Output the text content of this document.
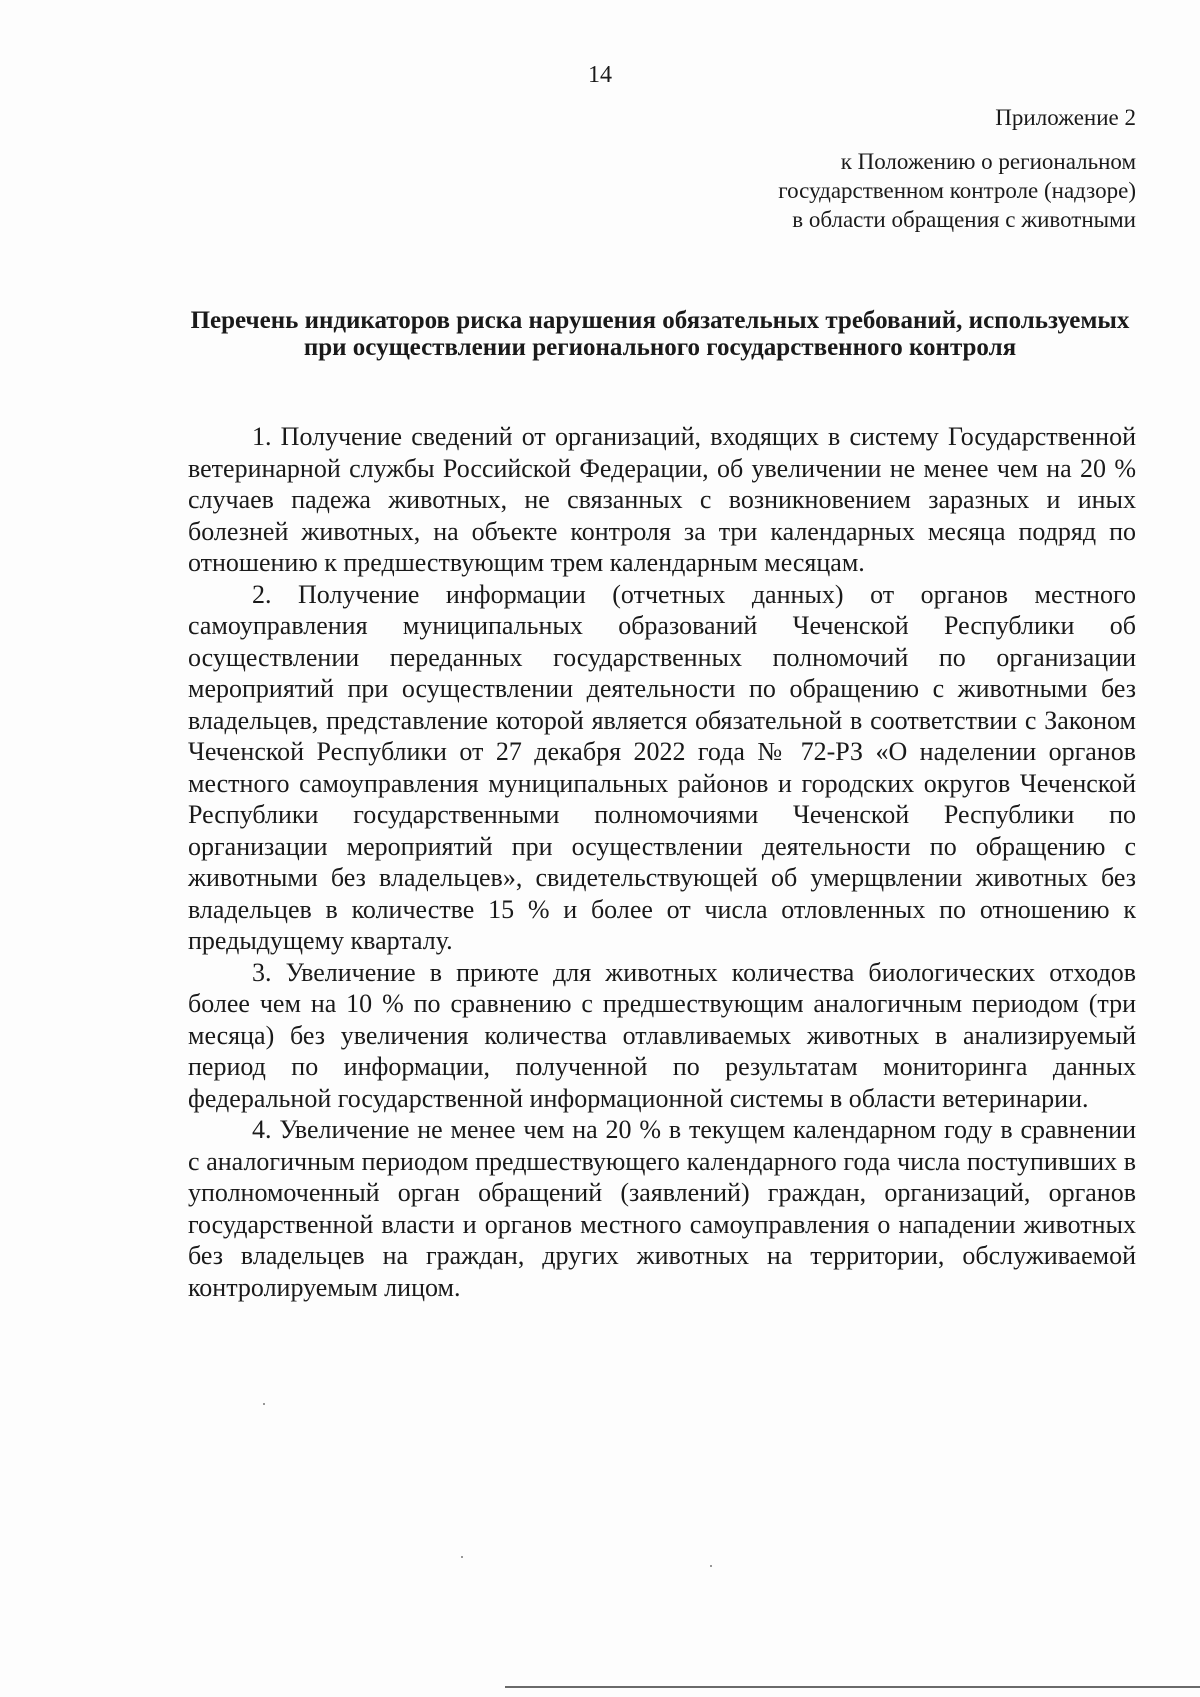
14
Приложение 2
к Положению о региональном
государственном контроле (надзоре)
в области обращения с животными
Перечень индикаторов риска нарушения обязательных требований, используемых при осуществлении регионального государственного контроля

1. Получение сведений от организаций, входящих в систему Государственной ветеринарной службы Российской Федерации, об увеличении не менее чем на 20 % случаев падежа животных, не связанных с возникновением заразных и иных болезней животных, на объекте контроля за три календарных месяца подряд по отношению к предшествующим трем календарным месяцам.

2. Получение информации (отчетных данных) от органов местного самоуправления муниципальных образований Чеченской Республики об осуществлении переданных государственных полномочий по организации мероприятий при осуществлении деятельности по обращению с животными без владельцев, представление которой является обязательной в соответствии с Законом Чеченской Республики от 27 декабря 2022 года № 72-РЗ «О наделении органов местного самоуправления муниципальных районов и городских округов Чеченской Республики государственными полномочиями Чеченской Республики по организации мероприятий при осуществлении деятельности по обращению с животными без владельцев», свидетельствующей об умерщвлении животных без владельцев в количестве 15 % и более от числа отловленных по отношению к предыдущему кварталу.

3. Увеличение в приюте для животных количества биологических отходов более чем на 10 % по сравнению с предшествующим аналогичным периодом (три месяца) без увеличения количества отлавливаемых животных в анализируемый период по информации, полученной по результатам мониторинга данных федеральной государственной информационной системы в области ветеринарии.

4. Увеличение не менее чем на 20 % в текущем календарном году в сравнении с аналогичным периодом предшествующего календарного года числа поступивших в уполномоченный орган обращений (заявлений) граждан, организаций, органов государственной власти и органов местного самоуправления о нападении животных без владельцев на граждан, других животных на территории, обслуживаемой контролируемым лицом.
